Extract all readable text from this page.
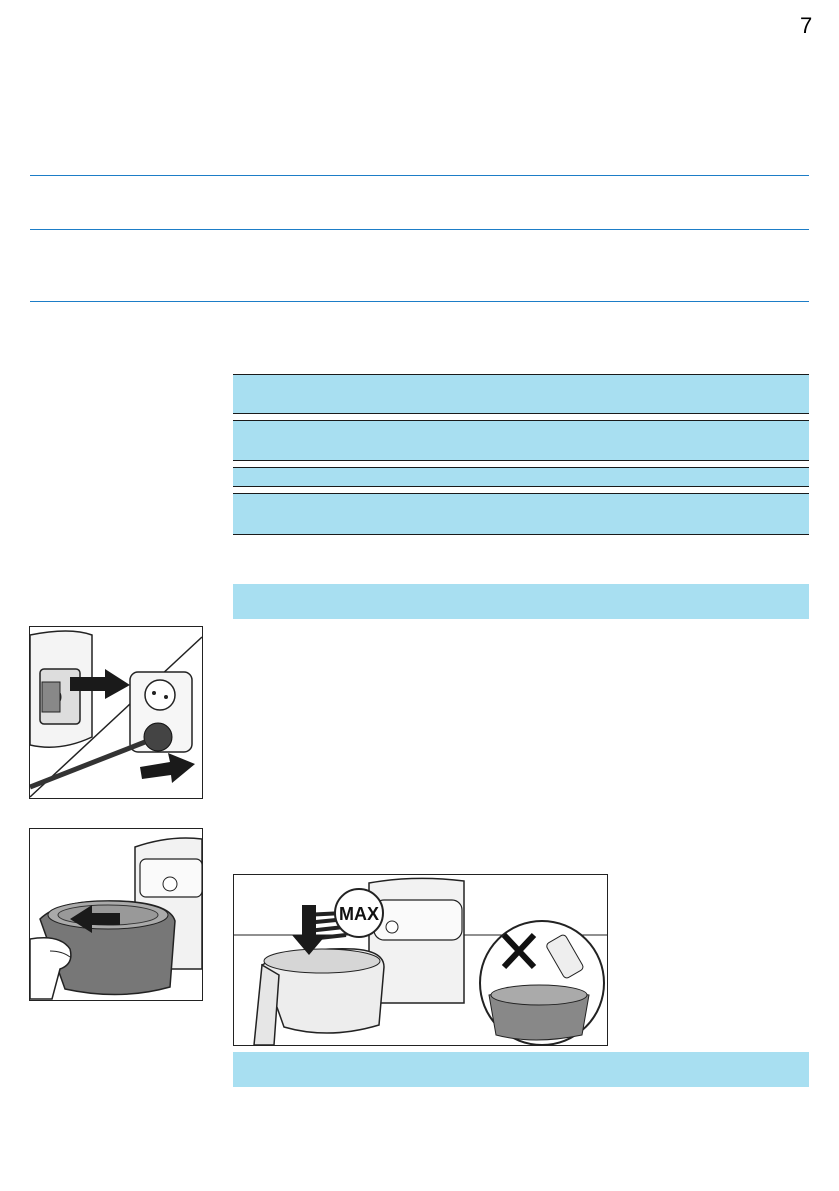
7
MAX
